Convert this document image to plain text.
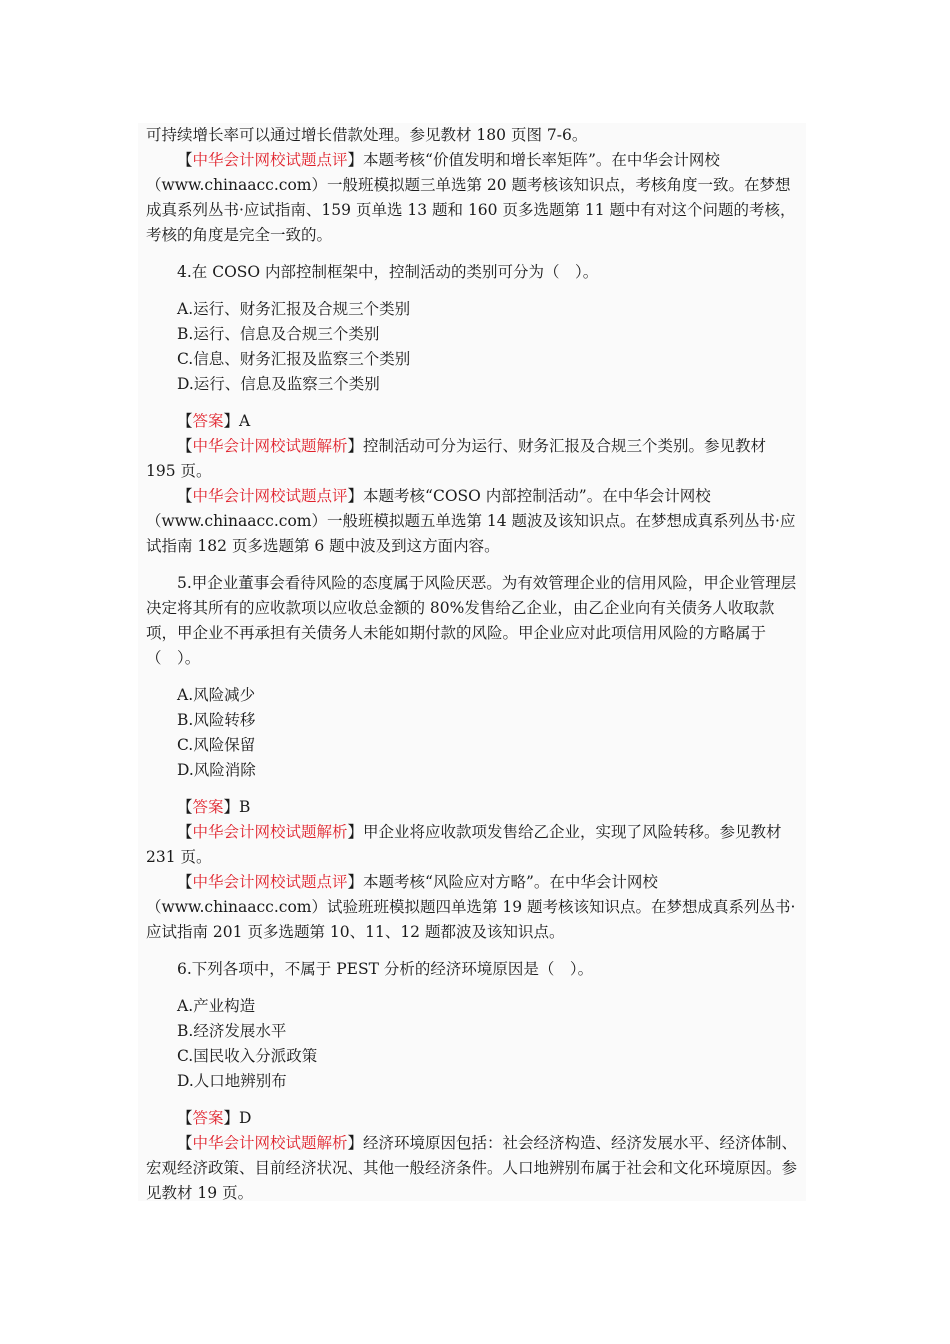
可持续增长率可以通过增长借款处理。参见教材 180 页图 7-6。

【中华会计网校试题点评】本题考核“价值发明和增长率矩阵”。在中华会计网校（www.chinaacc.com）一般班模拟题三单选第 20 题考核该知识点，考核角度一致。在梦想成真系列丛书·应试指南、159 页单选 13 题和 160 页多选题第 11 题中有对这个问题的考核，考核的角度是完全一致的。

4.在 COSO 内部控制框架中，控制活动的类别可分为（　）。

A.运行、财务汇报及合规三个类别

B.运行、信息及合规三个类别

C.信息、财务汇报及监察三个类别

D.运行、信息及监察三个类别

【答案】A

【中华会计网校试题解析】控制活动可分为运行、财务汇报及合规三个类别。参见教材 195 页。

【中华会计网校试题点评】本题考核“COSO 内部控制活动”。在中华会计网校（www.chinaacc.com）一般班模拟题五单选第 14 题波及该知识点。在梦想成真系列丛书·应试指南 182 页多选题第 6 题中波及到这方面内容。

5.甲企业董事会看待风险的态度属于风险厌恶。为有效管理企业的信用风险，甲企业管理层决定将其所有的应收款项以应收总金额的 80%发售给乙企业，由乙企业向有关债务人收取款项，甲企业不再承担有关债务人未能如期付款的风险。甲企业应对此项信用风险的方略属于（　）。

A.风险减少

B.风险转移

C.风险保留

D.风险消除

【答案】B

【中华会计网校试题解析】甲企业将应收款项发售给乙企业，实现了风险转移。参见教材 231 页。

【中华会计网校试题点评】本题考核“风险应对方略”。在中华会计网校（www.chinaacc.com）试验班班模拟题四单选第 19 题考核该知识点。在梦想成真系列丛书·应试指南 201 页多选题第 10、11、12 题都波及该知识点。

6.下列各项中，不属于 PEST 分析的经济环境原因是（　）。

A.产业构造

B.经济发展水平

C.国民收入分派政策

D.人口地辨别布

【答案】D

【中华会计网校试题解析】经济环境原因包括：社会经济构造、经济发展水平、经济体制、宏观经济政策、目前经济状况、其他一般经济条件。人口地辨别布属于社会和文化环境原因。参见教材 19 页。
